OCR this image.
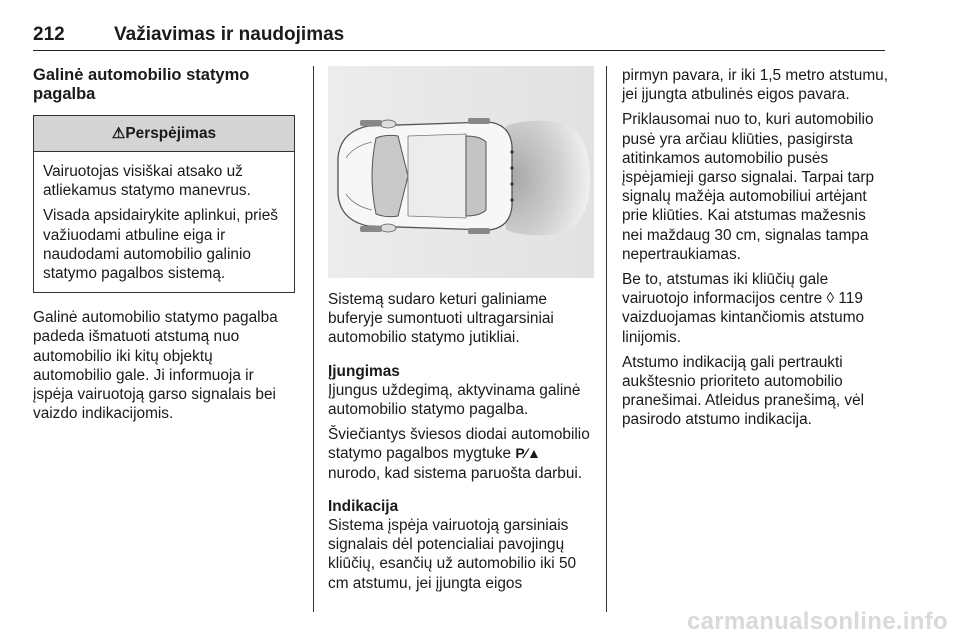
212	Važiavimas ir naudojimas
Galinė automobilio statymo pagalba
⚠Perspėjimas

Vairuotojas visiškai atsako už atliekamus statymo manevrus.

Visada apsidairykite aplinkui, prieš važiuodami atbuline eiga ir naudodami automobilio galinio statymo pagalbos sistemą.

Galinė automobilio statymo pagalba padeda išmatuoti atstumą nuo automobilio iki kitų objektų automobilio gale. Ji informuoja ir įspėja vairuotoją garso signalais bei vaizdo indikacijomis.

Sistemą sudaro keturi galiniame buferyje sumontuoti ultragarsiniai automobilio statymo jutikliai.

Įjungimas

Įjungus uždegimą, aktyvinama galinė automobilio statymo pagalba.

Šviečiantys šviesos diodai automobilio statymo pagalbos mygtuke P⁄▲ nurodo, kad sistema paruošta darbui.

Indikacija

Sistema įspėja vairuotoją garsiniais signalais dėl potencialiai pavojingų kliūčių, esančių už automobilio iki 50 cm atstumu, jei įjungta eigos

pirmyn pavara, ir iki 1,5 metro atstumu, jei įjungta atbulinės eigos pavara.

Priklausomai nuo to, kuri automobilio pusė yra arčiau kliūties, pasigirsta atitinkamos automobilio pusės įspėjamieji garso signalai. Tarpai tarp signalų mažėja automobiliui artėjant prie kliūties. Kai atstumas mažesnis nei maždaug 30 cm, signalas tampa nepertraukiamas.

Be to, atstumas iki kliūčių gale vairuotojo informacijos centre ◊ 119 vaizduojamas kintančiomis atstumo linijomis.

Atstumo indikaciją gali pertraukti aukštesnio prioriteto automobilio pranešimai. Atleidus pranešimą, vėl pasirodo atstumo indikacija.

carmanualsonline.info
